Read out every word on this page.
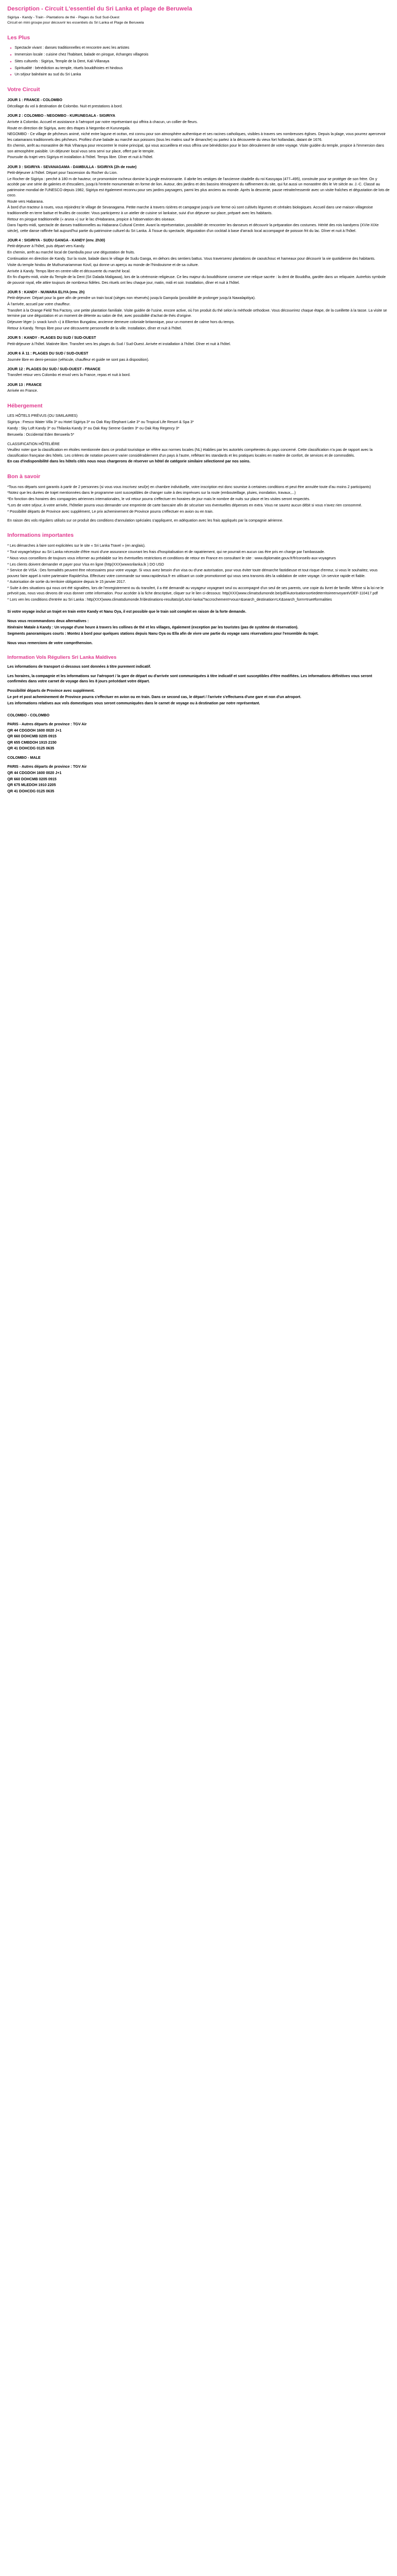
Description - Circuit L'essentiel du Sri Lanka et plage de Beruwela

Sigiriya - Kandy - Train - Plantations de thé - Plages du Sud Sud-Ouest

Circuit en mini groupe pour découvrir les essentiels du Sri Lanka et Plage de Beruwela

Les Plus
• Spectacle vivant : danses traditionnelles et rencontre avec les artistes
• Immersion locale : cuisine chez l'habitant, balade en pirogue, échanges villageois
• Sites culturels : Sigiriya, Temple de la Dent, Kali Villanaya
• Spiritualité : bénédiction au temple, rituels bouddhistes et hindous
• Un séjour balnéaire au sud du Sri Lanka
Votre Circuit

JOUR 1 : FRANCE - COLOMBO

Décollage du vol à destination de Colombo. Nuit et prestations à bord.

JOUR 2 : COLOMBO - NEGOMBO - KURUNEGALA - SIGIRIYA

Arrivée à Colombo. Accueil et assistance à l'aéroport par notre représentant qui offrira à chacun, un collier de fleurs.

Route en direction de Sigiriya, avec des étapes à Negombo et Kurunegala.

NEGOMBO - Ce village de pêcheurs animé, niché entre lagune et océan, est connu pour son atmosphère authentique et ses racines catholiques, visibles à travers ses nombreuses églises. Depuis la plage, vous pourrez apercevoir les catamarans traditionnels des pêcheurs. Profitez d'une balade au marché aux poissons (tous les matins sauf le dimanche) ou partez à la découverte du vieux fort hollandais, datant de 1676.

En chemin, arrêt au monastère de Rok Viharaya pour rencontrer le moine principal, qui vous accueillera et vous offrira une bénédiction pour le bon déroulement de votre voyage. Visite guidée du temple, propice à l'immersion dans son atmosphère paisible. Un déjeuner local vous sera servi sur place, offert par le temple.

Poursuite du trajet vers Sigiriya et installation à l'hôtel. Temps libre. Dîner et nuit à l'hôtel.

JOUR 3 : SIGIRIYA - SEVANAGAMA - DAMBULLA - SIGIRIYA (2h de route)

Petit-déjeuner à l'hôtel. Départ pour l'ascension du Rocher du Lion.

Le Rocher de Sigiriya : perché à 180 m de hauteur, ce promontoire rocheux domine la jungle environnante. Il abrite les vestiges de l'ancienne citadelle du roi Kassyapa (477–495), construite pour se protéger de son frère. On y accède par une série de galeries et d'escaliers, jusqu'à l'entrée monumentale en forme de lion. Autour, des jardins et des bassins témoignent du raffinement du site, qui fut aussi un monastère dès le Ve siècle av. J.-C. Classé au patrimoine mondial de l'UNESCO depuis 1982, Sigiriya est également reconnu pour ses jardins paysagers, parmi les plus anciens au monde. Après la descente, pause retraite/ressentir avec un visite fraîches et dégustation de lots de coco.

Route vers Habarana.

À bord d'un tracteur à roues, vous rejoindrez le village de Sevanagama. Petite marche à travers rizières et campagne jusqu'à une ferme où sont cultivés légumes et céréales biologiques. Accueil dans une maison villageoise traditionnelle en terre battue et feuilles de cocotier. Vous participerez à un atelier de cuisine sri lankaise, suivi d'un déjeuner sur place, préparé avec les habitants.

Retour en pirogue traditionnelle (« aruna ») sur le lac d'Habarana, propice à l'observation des oiseaux.

Dans l'après-midi, spectacle de danses traditionnelles au Habarana Cultural Centre. Avant la représentation, possibilité de rencontrer les danseurs et découvrir la préparation des costumes. Hérité des rois kandyens (XVIe-XIXe siècle), cette danse raffinée fait aujourd'hui partie du patrimoine culturel du Sri Lanka. À l'issue du spectacle, dégustation d'un cocktail à base d'arrack local accompagné de poisson frit du lac. Dîner et nuit à l'hôtel.

JOUR 4 : SIGIRIYA - SUDU GANGA - KANDY (env. 2h30)

Petit-déjeuner à l'hôtel, puis départ vers Kandy.

En chemin, arrêt au marché local de Dambulla pour une dégustation de fruits.

Continuation en direction de Kandy. Sur la route, balade dans le village de Sudu Ganga, en dehors des sentiers battus. Vous traverserez plantations de caoutchouc et hameaux pour découvrir la vie quotidienne des habitants.

Visite du temple hindou de Muthumariamman Kovil, qui donne un aperçu au monde de l'hindouisme et de sa culture.

Arrivée à Kandy. Temps libre en centre-ville et découverte du marché local.

En fin d'après-midi, visite du Temple de la Dent (Sri Dalada Maligawa), lors de la cérémonie religieuse. Ce lieu majeur du bouddhisme conserve une relique sacrée : la dent de Bouddha, gardée dans un reliquaire. Autrefois symbole de pouvoir royal, elle attire toujours de nombreux fidèles. Des rituels ont lieu chaque jour, matin, midi et soir. Installation, dîner et nuit à l'hôtel.

JOUR 5 : KANDY - NUWARA ELIYA (env. 2h)

Petit-déjeuner. Départ pour la gare afin de prendre un train local (sièges non réservés) jusqu'à Gampola (possibilité de prolonger jusqu'à Nawalapitiya).

À l'arrivée, accueil par votre chauffeur.

Transfert à la Orange Field Tea Factory, une petite plantation familiale. Visite guidée de l'usine, encore active, où l'on produit du thé selon la méthode orthodoxe. Vous découvrirez chaque étape, de la cueillette à la tasse. La visite se termine par une dégustation et un moment de détente au salon de thé, avec possibilité d'achat de thés d'origine.

Déjeuner léger (« snack lunch ») à Elkerton Bungalow, ancienne demeure coloniale britannique, pour un moment de calme hors du temps.

Retour à Kandy. Temps libre pour une découverte personnelle de la ville. Installation, dîner et nuit à l'hôtel.

JOUR 5 : KANDY - PLAGES DU SUD / SUD-OUEST

Petit-déjeuner à l'hôtel. Matinée libre. Transfert vers les plages du Sud / Sud-Ouest. Arrivée et installation à l'hôtel. Dîner et nuit à l'hôtel.

JOUR 6 À 11 : PLAGES DU SUD / SUD-OUEST

Journée libre en demi-pension (véhicule, chauffeur et guide ne sont pas à disposition).

JOUR 12 : PLAGES DU SUD / SUD-OUEST - FRANCE

Transfert retour vers Colombo et envol vers la France, repas et nuit à bord.

JOUR 13 : FRANCE

Arrivée en France.

Hébergement

LES HÔTELS PRÉVUS (OU SIMILAIRES)

Sigiriya : Fresco Water Villa 3* ou Hotel Sigiriya 3* ou Oak Ray Elephant Lake 3* ou Tropical Life Resort & Spa 3*

Kandy : Sky Loft Kandy 3* ou Thilanka Kandy 3* ou Oak Ray Serene Garden 3* ou Oak Ray Regency 3*

Beruwela : Occidental Eden Beruwela 5*

CLASSIFICATION HÔTELIÈRE

Veuillez noter que la classification en étoiles mentionnée dans ce produit touristique se réfère aux normes locales (NL) établies par les autorités compétentes du pays concerné. Cette classification n'a pas de rapport avec la classification française des hôtels. Les critères de notation peuvent varier considérablement d'un pays à l'autre, reflétant les standards et les pratiques locales en matière de confort, de services et de commodités.

En cas d'indisponibilité dans les hôtels cités nous nous chargerons de réserver un hôtel de catégorie similaire sélectionné par nos soins.

Bon à savoir

*Tous nos départs sont garantis à partir de 2 personnes (si vous vous inscrivez seul(e) en chambre individuelle, votre inscription est donc soumise à certaines conditions et peut être annulée toute d'au moins 2 participants)

*Notez que les durées de trajet mentionnées dans le programme sont susceptibles de changer suite à des imprévues sur la route (embouteillage, pluies, inondation, travaux,...)

*En fonction des horaires des compagnies aériennes internationales, le vol retour pourra s'effectuer en horaires de jour mais le nombre de nuits sur place et les visites seront respectés.

*Lors de votre séjour, à votre arrivée, l'hôtelier pourra vous demander une empreinte de carte bancaire afin de sécuriser vos éventuelles dépenses en extra. Vous ne saurez aucun débit si vous n'avez rien consommé.

* Possibilité départs de Province avec supplément, Le prix acheminement de Province pourra s'effectuer en avion ou en train.

En raison des vols réguliers utilisés sur ce produit des conditions d'annulation spéciales s'appliquent, en adéquation avec les frais appliqués par la compagnie aérienne.

Informations importantes

* Les démarches à faire sont explicitées sur le site « Sri Lanka Travel » (en anglais).

* Tout voyage/séjour au Sri Lanka nécessite d'être muni d'une assurance couvrant les frais d'hospitalisation et de rapatriement, qui ne pourrait en aucun cas être pris en charge par l'ambassade.

* Nous vous conseillons de toujours vous informer au préalable sur les éventuelles restrictions et conditions de retour en France en consultant le site : www.diplomatie.gouv.fr/fr/conseils-aux-voyageurs

* Les clients doivent demander et payer pour Visa en ligne (http(XXX)wwwsrilanka.lk ) DO USD

* Service de VISA : Des formalités peuvent être nécessaires pour votre voyage. Si vous avez besoin d'un visa ou d'une autorisation, pour vous éviter toute démarche fastidieuse et tout risque d'erreur, si vous le souhaitez, vous pouvez faire appel à notre partenaire RapideVisa. Effectuez votre commande sur www.rapidevisa.fr en utilisant un code promotionnel qui vous sera transmis dès la validation de votre voyage. Un service rapide et fiable.

* Autorisation de sortie du territoire obligatoire depuis le 15 janvier 2017.

* Suite à des situations qui nous ont été signalées, lors de l'enregistrement ou du transfert, il a été demandé au voyageur voyageant seul ou accompagné d'un seul de ses parents, une copie du livret de famille. Même si la loi ne le prévoit pas, nous vous devons de vous donner cette information. Pour accéder à la fiche descriptive, cliquer sur le lien ci-dessous: http(XXX)www.climatsdumonde.be/pdf/AutorisationsortiedeterritoireenvoyantVDEF-110417.pdf

* Lors ven les conditions d'entrée au Sri Lanka : http(XXX)www.climatsdumonde.fr/destinations-resultats/p/LA/sri-lanka/?accrochement=vous=&search_destination=LK&search_form=true#formalities

Si votre voyage inclut un trajet en train entre Kandy et Nanu Oya, il est possible que le train soit complet en raison de la forte demande.

Nous vous recommandons deux alternatives :

Itinéraire Matale à Kandy : Un voyage d'une heure à travers les collines de thé et les villages, également (exception par les touristes (pas de système de réservation).

Segments panoramiques courts : Montez à bord pour quelques stations depuis Nanu Oya ou Ella afin de vivre une partie du voyage sans réservations pour l'ensemble du trajet.

Nous vous remercions de votre compréhension.

Information Vols Réguliers Sri Lanka Maldives

Les informations de transport ci-dessous sont données à titre purement indicatif.

Les horaires, la compagnie et les informations sur l'aéroport / la gare de départ ou d'arrivée sont communiquées à titre indicatif et sont susceptibles d'être modifiées. Les informations définitives vous seront confirmées dans votre carnet de voyage dans les 8 jours précédant votre départ.

Possibilité départs de Province avec supplément.

Le pré et post acheminement de Province pourra s'effectuer en avion ou en train. Dans ce second cas, le départ / l'arrivée s'effectuera d'une gare et non d'un aéroport.

Les informations relatives aux vols domestiques vous seront communiquées dans le carnet de voyage ou à destination par notre représentant.

COLOMBO - COLOMBO

PARIS - Autres départs de province : TGV Air

QR 44 CDGDOH 1600 0020 J+1

QR 660 DOHCMB 0205 0915

QR 655 CMBDOH 1915 2150

QR 41 DOHCDG 0125 0635

COLOMBO - MALE

PARIS - Autres départs de province : TGV Air

QR 44 CDGDOH 1600 0020 J+1

QR 660 DOHCMB 0205 0915

QR 675 MLEDOH 1910 2205

QR 41 DOHCDG 0125 0635
